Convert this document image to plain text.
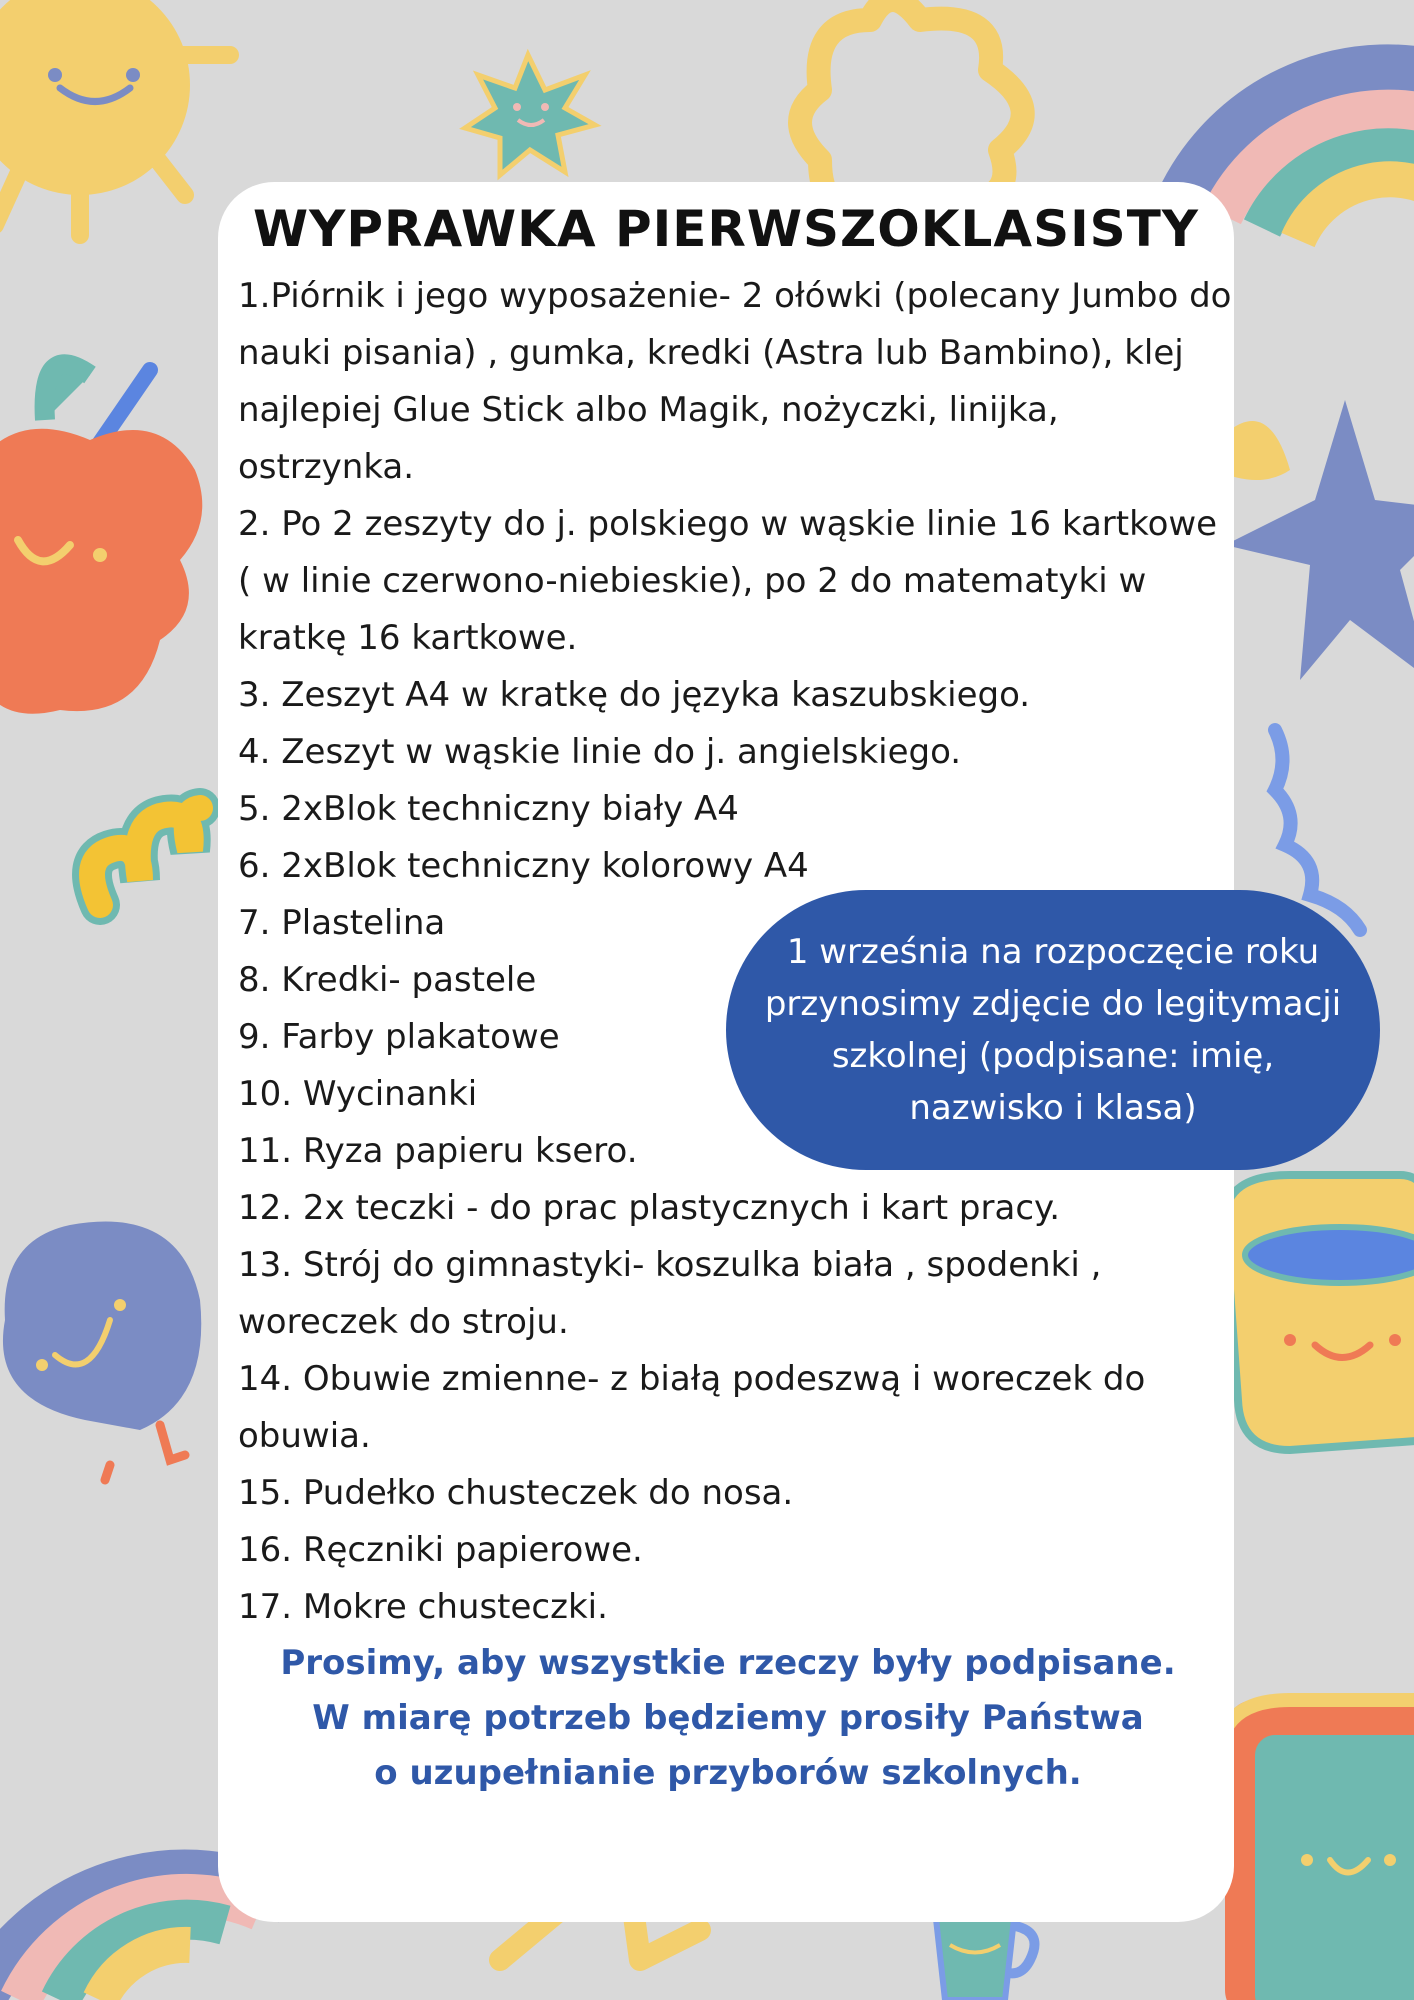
WYPRAWKA PIERWSZOKLASISTY
1.Piórnik i jego wyposażenie- 2 ołówki (polecany Jumbo do nauki pisania) , gumka, kredki (Astra lub Bambino), klej najlepiej Glue Stick albo Magik, nożyczki, linijka, ostrzynka.
2. Po 2 zeszyty do j. polskiego w wąskie linie 16 kartkowe ( w linie czerwono-niebieskie), po 2 do matematyki w kratkę 16 kartkowe.
3. Zeszyt A4 w kratkę do języka kaszubskiego.
4. Zeszyt w wąskie linie do j. angielskiego.
5. 2xBlok techniczny biały A4
6. 2xBlok techniczny kolorowy A4
7. Plastelina
8. Kredki- pastele
9. Farby plakatowe
10. Wycinanki
11. Ryza papieru ksero.
12. 2x teczki - do prac plastycznych i kart pracy.
13. Strój do gimnastyki- koszulka biała , spodenki , woreczek do stroju.
14. Obuwie zmienne- z białą podeszwą i woreczek do obuwia.
15. Pudełko chusteczek do nosa.
16. Ręczniki papierowe.
17. Mokre chusteczki.

1 września na rozpoczęcie roku przynosimy zdjęcie do legitymacji szkolnej (podpisane: imię, nazwisko i klasa)

Prosimy, aby wszystkie rzeczy były podpisane.
W miarę potrzeb będziemy prosiły Państwa
o uzupełnianie przyborów szkolnych.
